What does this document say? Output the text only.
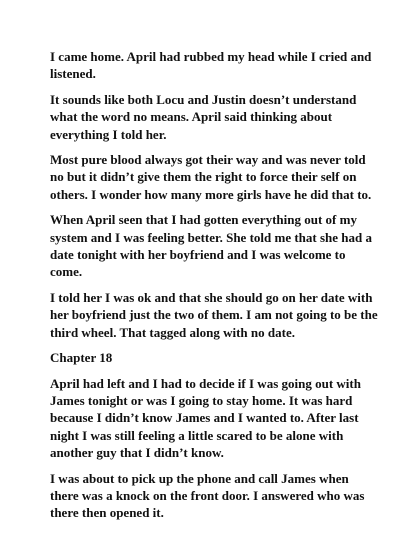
I came home. April had rubbed my head while I cried and listened.

It sounds like both Locu and Justin doesn’t understand what the word no means. April said thinking about everything I told her.

Most pure blood always got their way and was never told no but it didn’t give them the right to force their self on others. I wonder how many more girls have he did that to.

When April seen that I had gotten everything out of my system and I was feeling better. She told me that she had a date tonight with her boyfriend and I was welcome to come.

I told her I was ok and that she should go on her date with her boyfriend just the two of them. I am not going to be the third wheel. That tagged along with no date.

Chapter 18

April had left and I had to decide if I was going out with James tonight or was I going to stay home. It was hard because I didn’t know James and I wanted to. After last night I was still feeling a little scared to be alone with another guy that I didn’t know.

I was about to pick up the phone and call James when there was a knock on the front door. I answered who was there then opened it.
